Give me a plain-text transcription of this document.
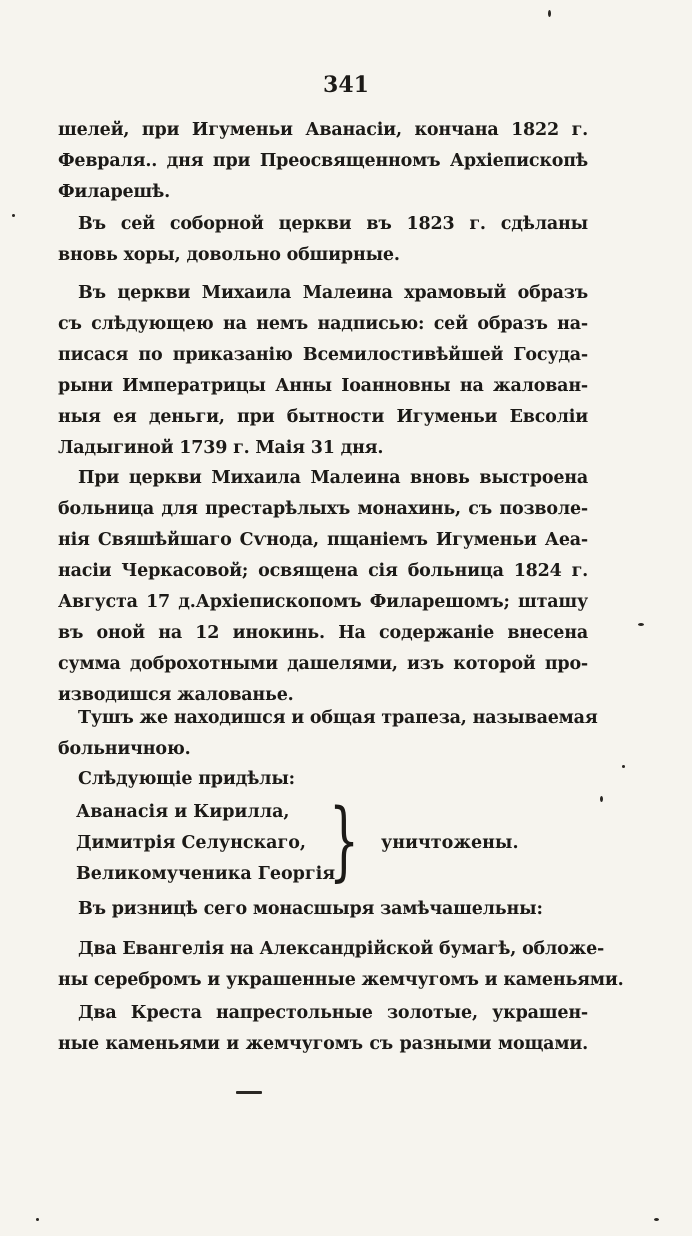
341
шелей, при Игуменьи Аванасіи, кончана 1822 г.
Февраля.. дня при Преосвященномъ Архіепископѣ
Филарешѣ.
Въ сей соборной церкви въ 1823 г. сдѣланы
вновь хоры, довольно обширные.
Въ церкви Михаила Малеина храмовый образъ
съ слѣдующею на немъ надписью: сей образъ на-
писася по приказанію Всемилостивѣйшей Госуда-
рыни Императрицы Анны Іоанновны на жалован-
ныя ея деньги, при бытности Игуменьи Евсоліи
Ладыгиной 1739 г. Маія 31 дня.
При церкви Михаила Малеина вновь выстроена
больница для престарѣлыхъ монахинь, съ позволе-
нія Свяшѣйшаго Сѵнода, пщаніемъ Игуменьи Аеа-
насіи Черкасовой; освящена сія больница 1824 г.
Августа 17 д.Архіепископомъ Филарешомъ; шташу
въ оной на 12 инокинь. На содержаніе внесена
сумма доброхотными дашелями, изъ которой про-
изводишся жалованье.
Тушъ же находишся и общая трапеза, называемая
больничною.
Слѣдующіе придѣлы:
Аванасія и Кирилла,
Димитрія Селунскаго,
Великомученика Георгія
} уничтожены.
Въ ризницѣ сего монасшыря замѣчашельны:
Два Евангелія на Александрійской бумагѣ, обложе-
ны серебромъ и украшенные жемчугомъ и каменьями.
Два Креста напрестольные золотые, украшен-
ные каменьями и жемчугомъ съ разными мощами.
